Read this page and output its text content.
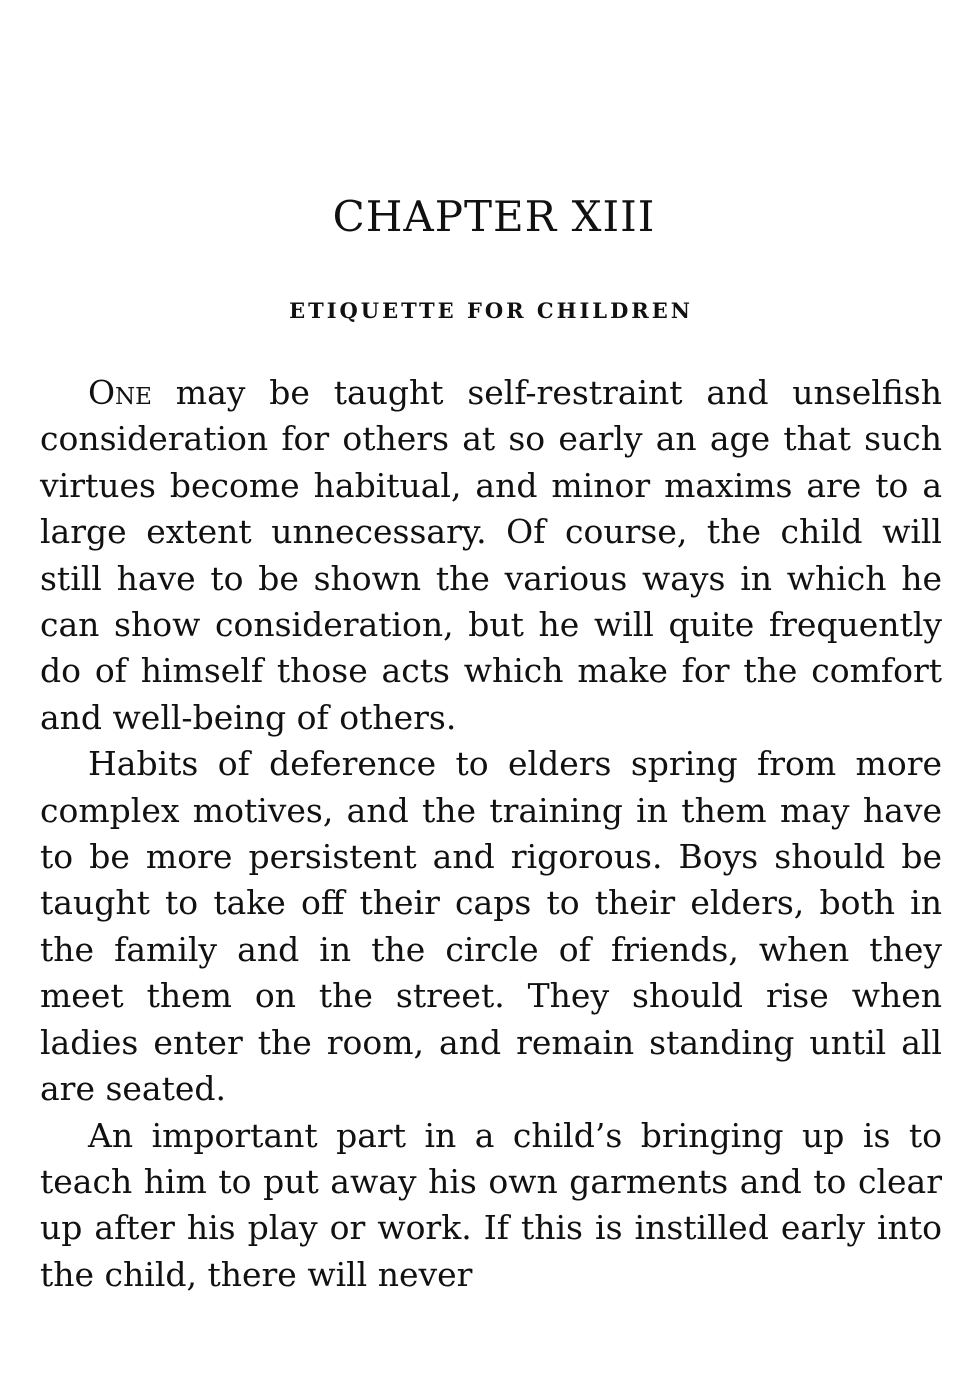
CHAPTER XIII
ETIQUETTE FOR CHILDREN

One may be taught self-restraint and unselfish consideration for others at so early an age that such virtues become habitual, and minor maxims are to a large extent unnecessary. Of course, the child will still have to be shown the various ways in which he can show consideration, but he will quite frequently do of himself those acts which make for the comfort and well-being of others.

Habits of deference to elders spring from more complex motives, and the training in them may have to be more persistent and rigorous. Boys should be taught to take off their caps to their elders, both in the family and in the circle of friends, when they meet them on the street. They should rise when ladies enter the room, and remain standing until all are seated.

An important part in a child’s bringing up is to teach him to put away his own garments and to clear up after his play or work. If this is instilled early into the child, there will never
